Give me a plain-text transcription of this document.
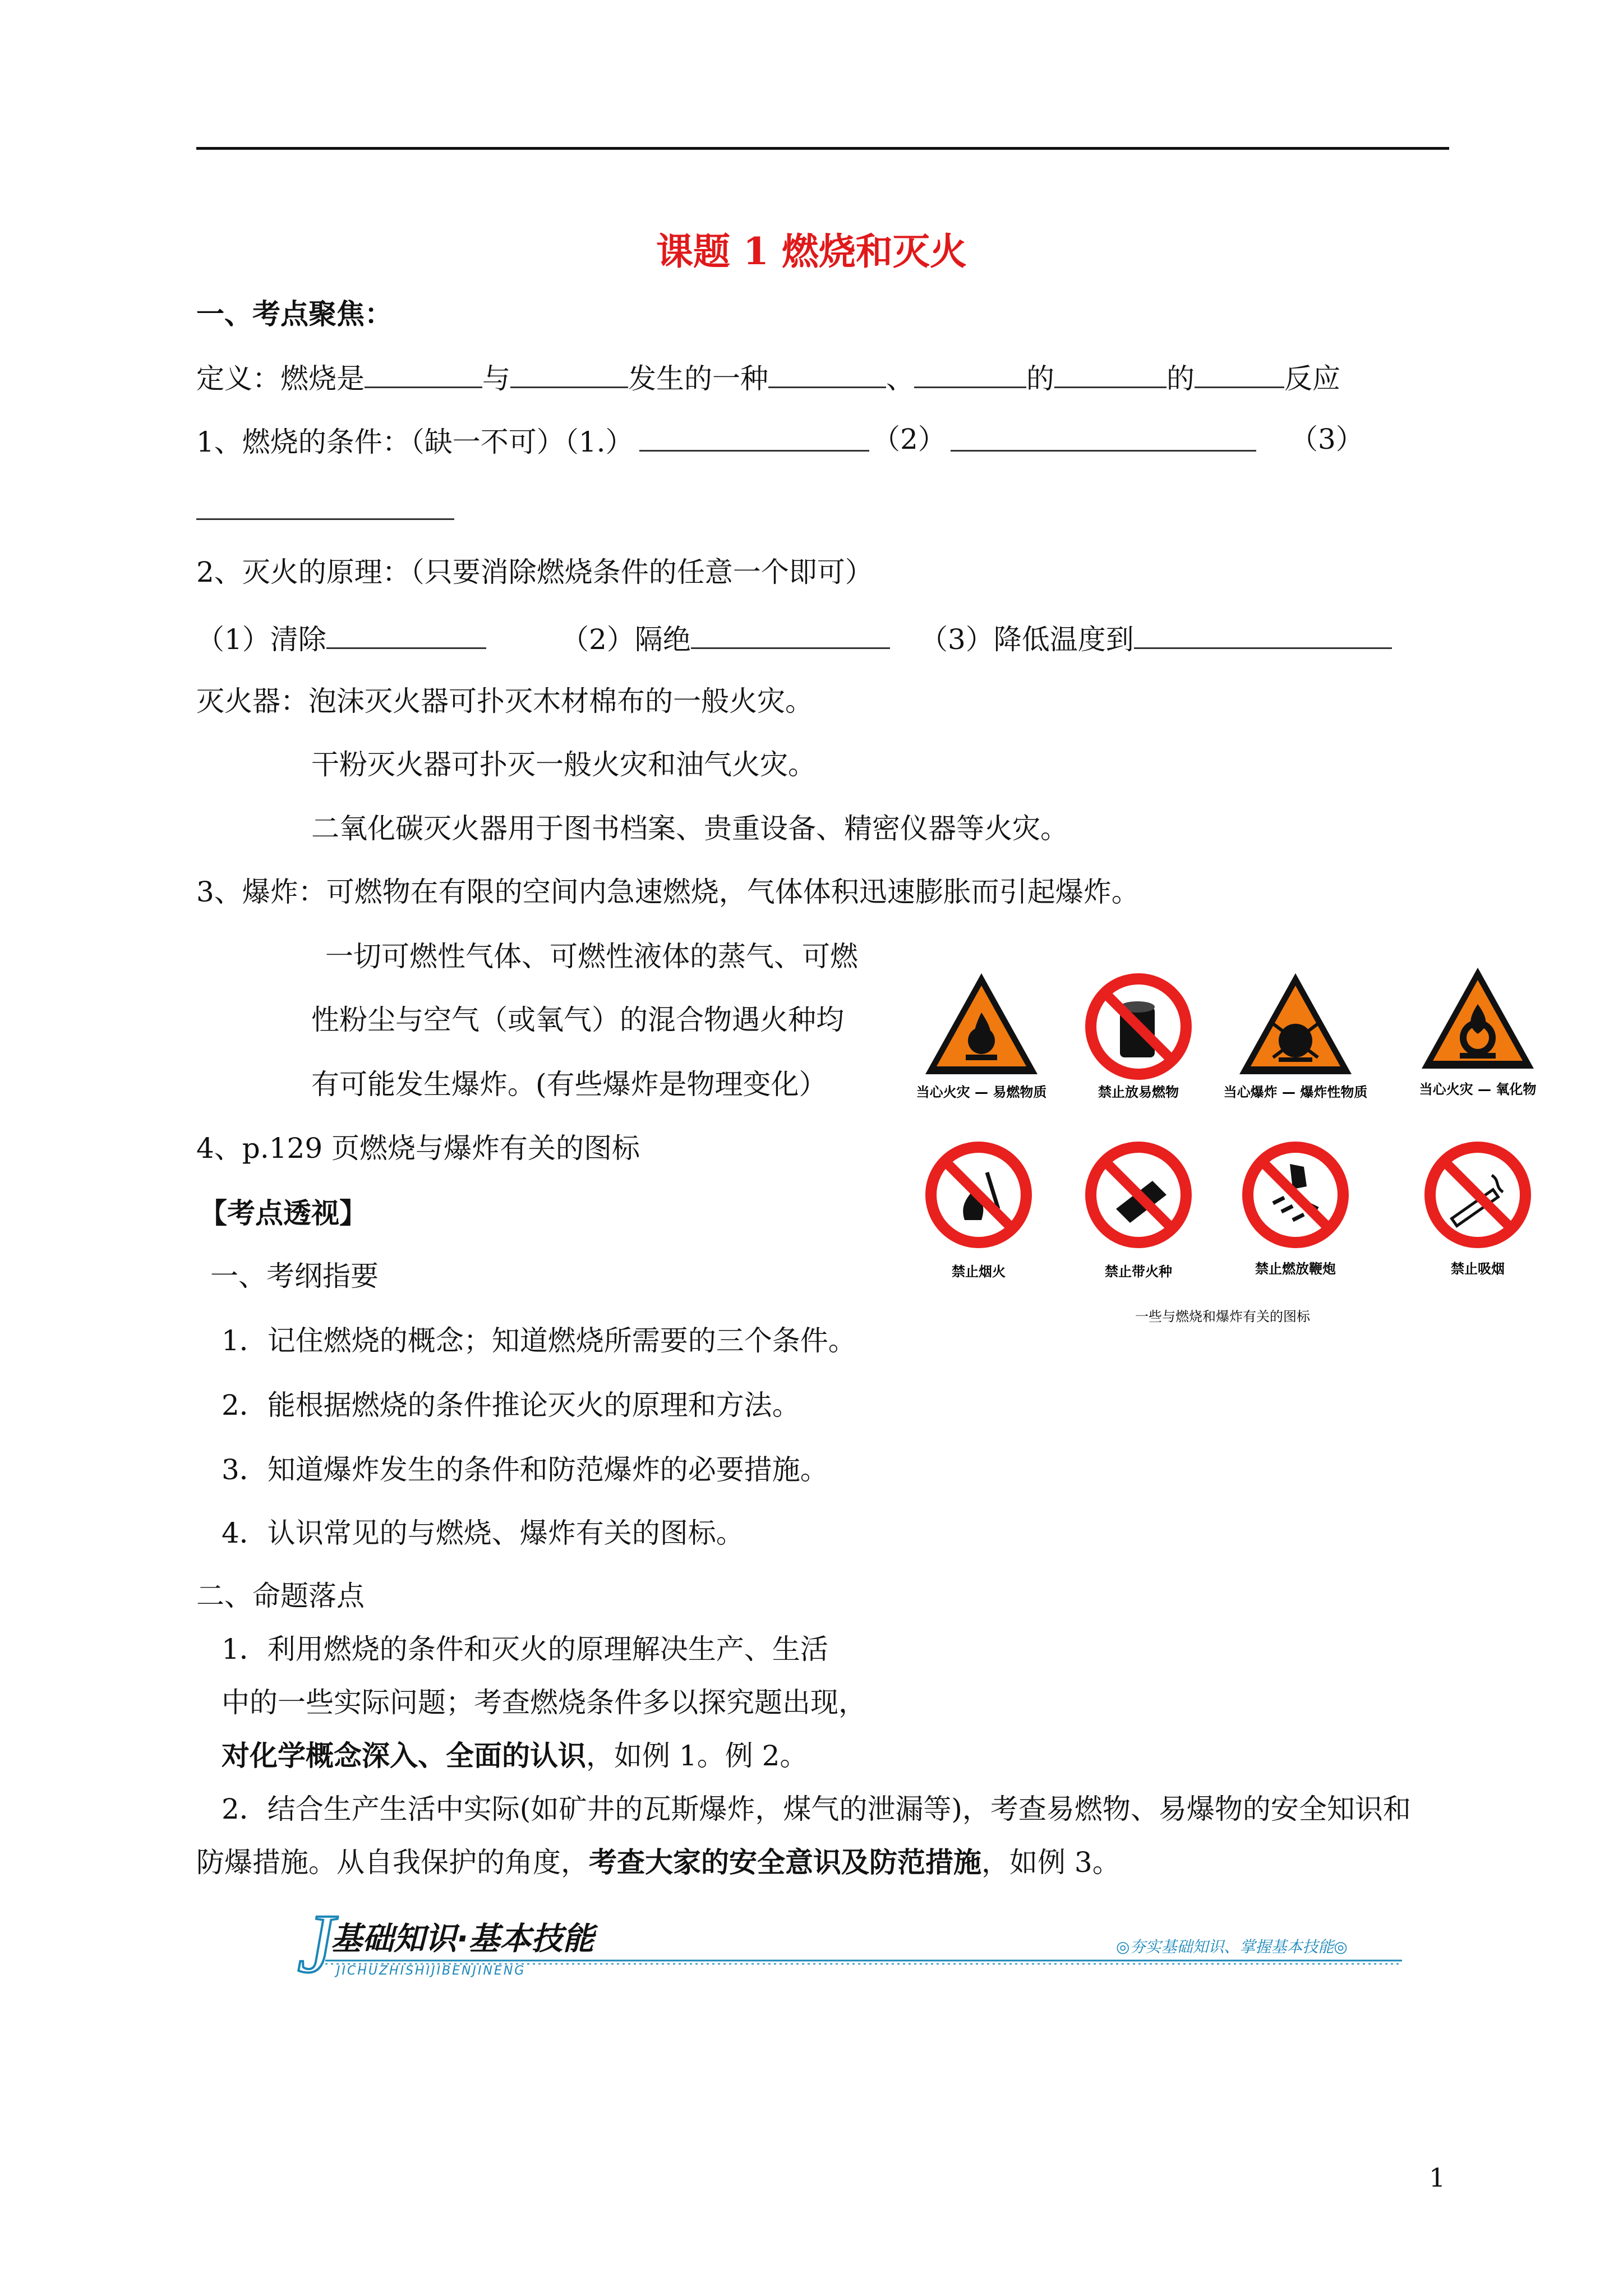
课题 1 燃烧和灭火
一、考点聚焦：
定义：燃烧是	与	发生的一种	、	的	的	反应
1、燃烧的条件：（缺一不可）（1.）	（2）	（3）
2、灭火的原理：（只要消除燃烧条件的任意一个即可）
（1）清除	（2）隔绝	（3）降低温度到
灭火器：泡沫灭火器可扑灭木材棉布的一般火灾。
干粉灭火器可扑灭一般火灾和油气火灾。
二氧化碳灭火器用于图书档案、贵重设备、精密仪器等火灾。
3、爆炸：可燃物在有限的空间内急速燃烧，气体体积迅速膨胀而引起爆炸。
一切可燃性气体、可燃性液体的蒸气、可燃
性粉尘与空气（或氧气）的混合物遇火种均
有可能发生爆炸。(有些爆炸是物理变化）
4、p.129 页燃烧与爆炸有关的图标
当心火灾 — 易燃物质	禁止放易燃物	当心爆炸 — 爆炸性物质	当心火灾 — 氧化物
禁止烟火	禁止带火种	禁止燃放鞭炮	禁止吸烟
一些与燃烧和爆炸有关的图标
【考点透视】
一、考纲指要
1．记住燃烧的概念；知道燃烧所需要的三个条件。
2．能根据燃烧的条件推论灭火的原理和方法。
3．知道爆炸发生的条件和防范爆炸的必要措施。
4．认识常见的与燃烧、爆炸有关的图标。
二、命题落点
1．利用燃烧的条件和灭火的原理解决生产、生活
中的一些实际问题；考查燃烧条件多以探究题出现，
对化学概念深入、全面的认识，如例 1。例 2。
2．结合生产生活中实际(如矿井的瓦斯爆炸，煤气的泄漏等)，考查易燃物、易爆物的安全知识和
防爆措施。从自我保护的角度，考查大家的安全意识及防范措施，如例 3。
J
基础知识·基本技能
JICHUZHISHIJIBENJINENG
◎夯实基础知识、掌握基本技能◎
1
